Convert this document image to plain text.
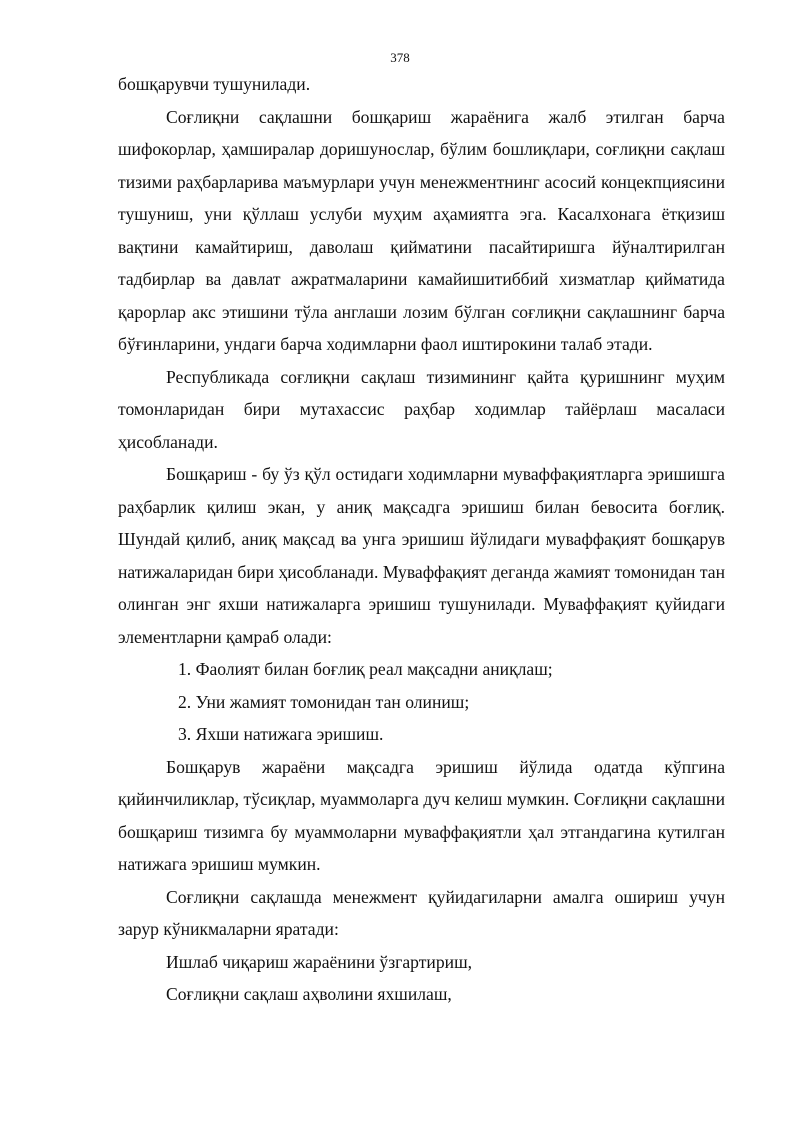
378

бошқарувчи тушунилади.

Соғлиқни сақлашни бошқариш жараёнига жалб этилган барча шифокорлар, ҳамширалар доришунослар, бўлим бошлиқлари, соғлиқни сақлаш тизими раҳбарларива маъмурлари учун менежментнинг асосий концекпциясини тушуниш, уни қўллаш услуби муҳим аҳамиятга эга. Касалхонага ётқизиш вақтини камайтириш, даволаш қийматини пасайтиришга йўналтирилган тадбирлар ва давлат ажратмаларини камайишитиббий хизматлар қийматида қарорлар акс этишини тўла англаши лозим бўлган соғлиқни сақлашнинг барча бўғинларини, ундаги барча ходимларни фаол иштирокини талаб этади.

Республикада соғлиқни сақлаш тизимининг қайта қуришнинг муҳим томонларидан бири мутахассис раҳбар ходимлар тайёрлаш масаласи ҳисобланади.

Бошқариш - бу ўз қўл остидаги ходимларни муваффақиятларга эришишга раҳбарлик қилиш экан, у аниқ мақсадга эришиш билан бевосита боғлиқ. Шундай қилиб, аниқ мақсад ва унга эришиш йўлидаги муваффақият бошқарув натижаларидан бири ҳисобланади. Муваффақият деганда жамият томонидан тан олинган энг яхши натижаларга эришиш тушунилади. Муваффақият қуйидаги элементларни қамраб олади:

1. Фаолият билан боғлиқ реал мақсадни аниқлаш;

2. Уни жамият томонидан тан олиниш;

3. Яхши натижага эришиш.

Бошқарув жараёни мақсадга эришиш йўлида одатда кўпгина қийинчиликлар, тўсиқлар, муаммоларга дуч келиш мумкин. Соғлиқни сақлашни бошқариш тизимга бу муаммоларни муваффақиятли ҳал этгандагина кутилган натижага эришиш мумкин.

Соғлиқни сақлашда менежмент қуйидагиларни амалга ошириш учун зарур кўникмаларни яратади:

Ишлаб чиқариш жараёнини ўзгартириш,

Соғлиқни сақлаш аҳволини яхшилаш,
